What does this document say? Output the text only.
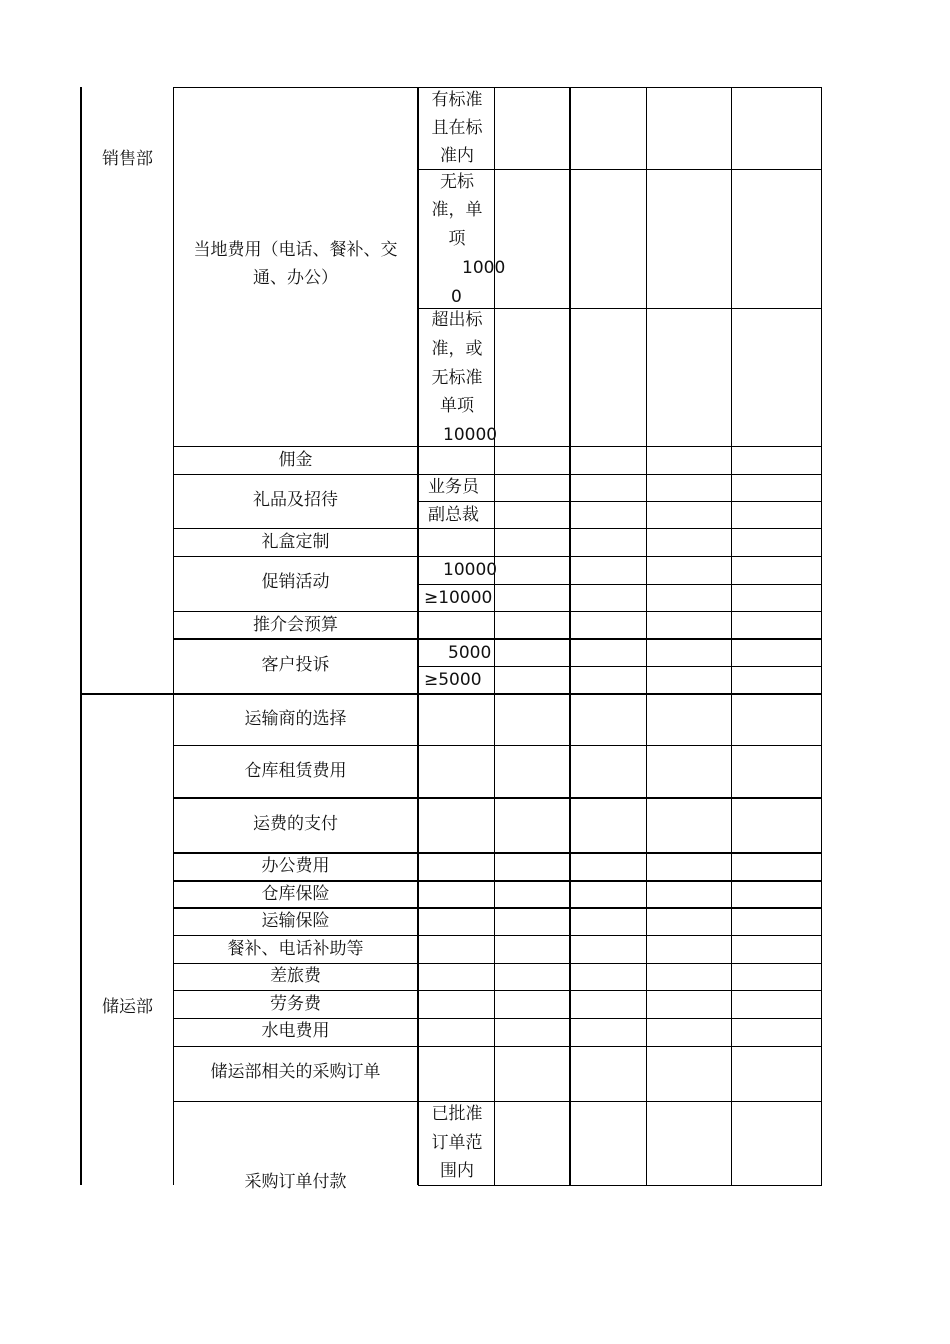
销售部
储运部
当地费用（电话、餐补、交
通、办公）
有标准
且在标
准内
无标
准，单
项
1000
0
超出标
准，或
无标准
单项
10000
佣金
礼品及招待
业务员
副总裁
礼盒定制
促销活动
10000
≥10000
推介会预算
客户投诉
5000
≥5000
运输商的选择
仓库租赁费用
运费的支付
办公费用
仓库保险
运输保险
餐补、电话补助等
差旅费
劳务费
水电费用
储运部相关的采购订单
采购订单付款
已批准
订单范
围内
